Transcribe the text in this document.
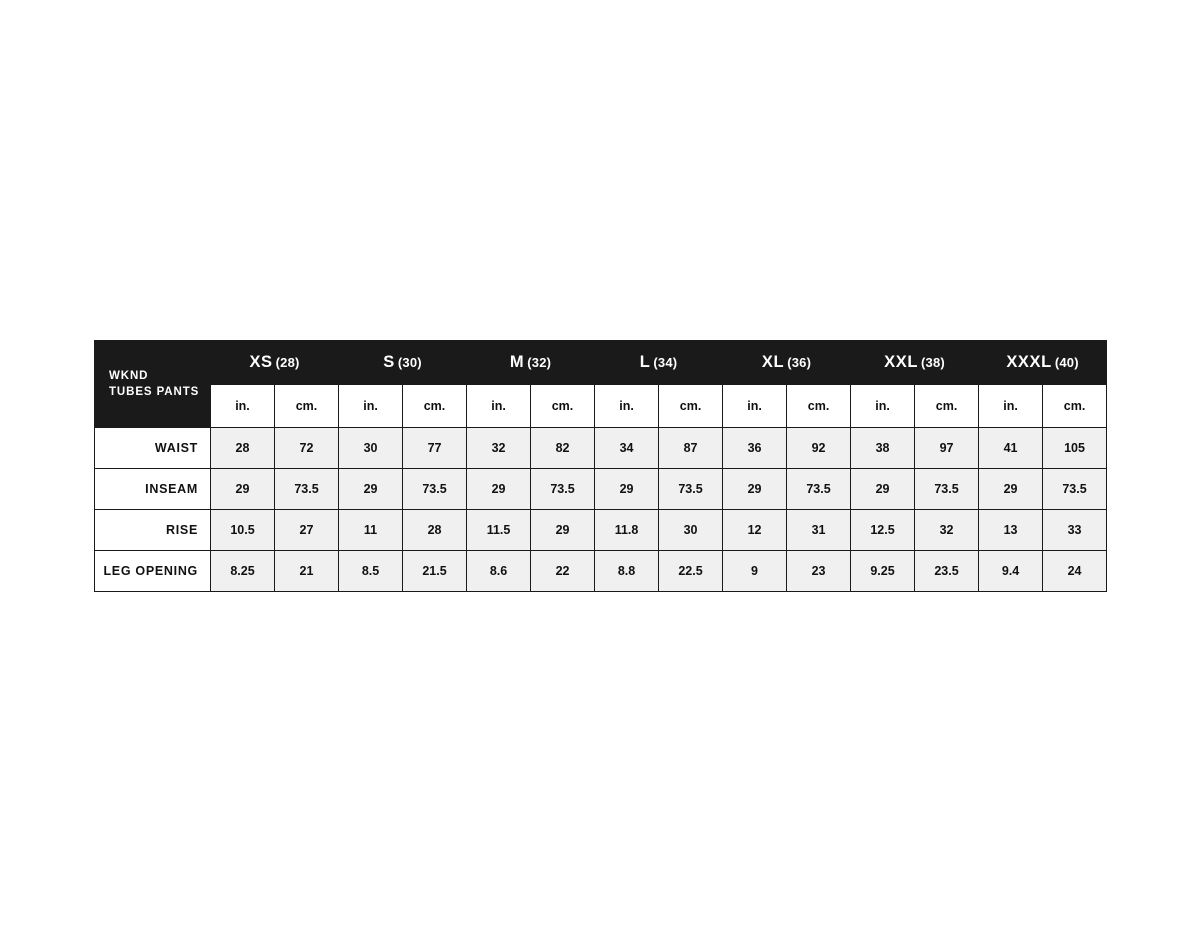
WKND
TUBES PANTS	XS (28)		S (30)		M (32)		L (34)		XL (36)		XXL (38)		XXXL (40)	
	in.	cm.	in.	cm.	in.	cm.	in.	cm.	in.	cm.	in.	cm.	in.	cm.
WAIST	28	72	30	77	32	82	34	87	36	92	38	97	41	105
INSEAM	29	73.5	29	73.5	29	73.5	29	73.5	29	73.5	29	73.5	29	73.5
RISE	10.5	27	11	28	11.5	29	11.8	30	12	31	12.5	32	13	33
LEG OPENING	8.25	21	8.5	21.5	8.6	22	8.8	22.5	9	23	9.25	23.5	9.4	24
